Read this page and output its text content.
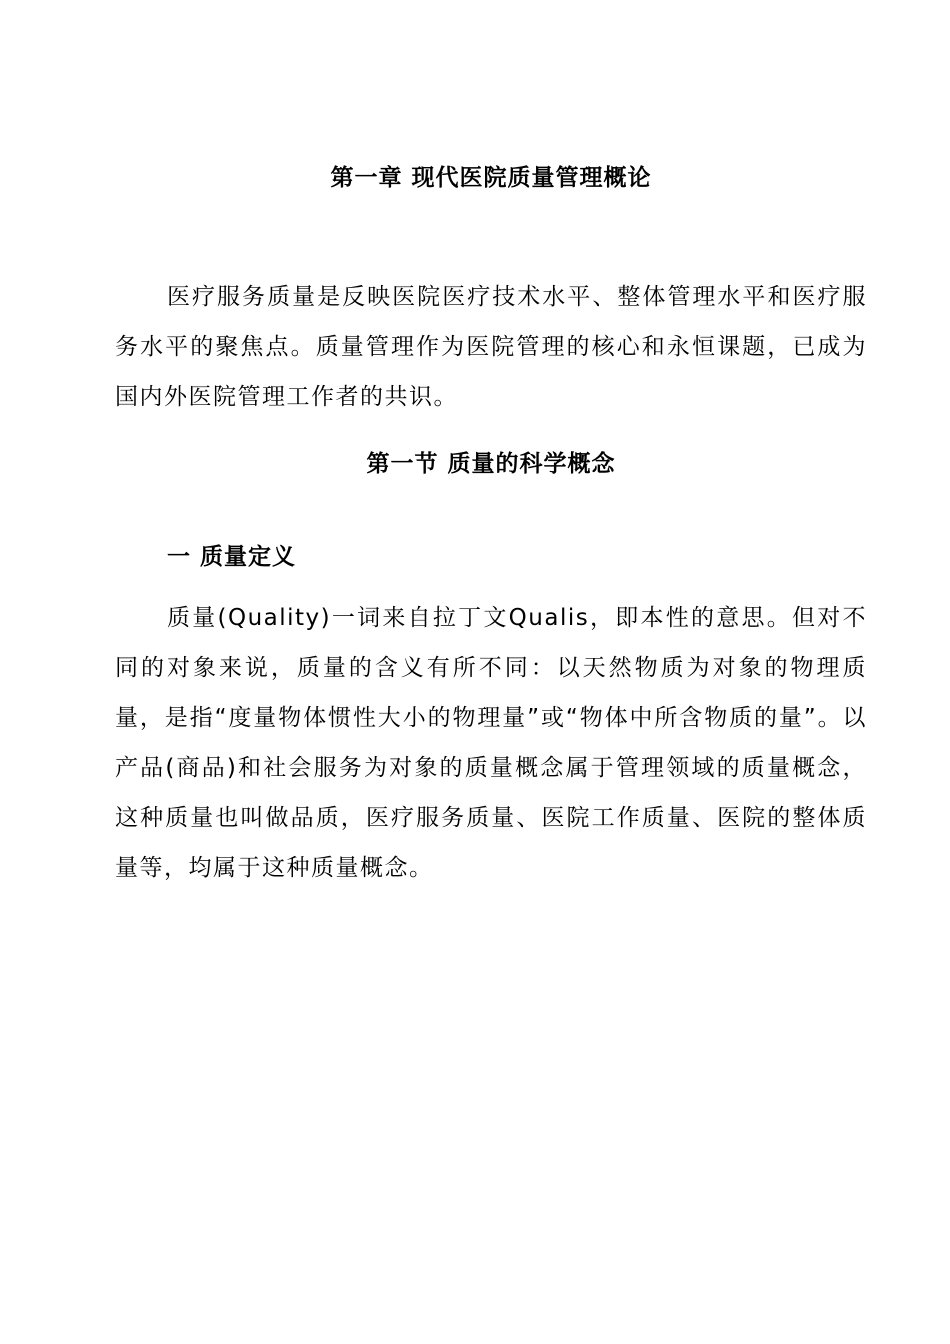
第一章 现代医院质量管理概论

医疗服务质量是反映医院医疗技术水平、整体管理水平和医疗服务水平的聚焦点。质量管理作为医院管理的核心和永恒课题，已成为国内外医院管理工作者的共识。

第一节 质量的科学概念
一 质量定义

质量(Quality)一词来自拉丁文Qualis，即本性的意思。但对不同的对象来说，质量的含义有所不同：以天然物质为对象的物理质量，是指“度量物体惯性大小的物理量”或“物体中所含物质的量”。以产品(商品)和社会服务为对象的质量概念属于管理领域的质量概念，这种质量也叫做品质，医疗服务质量、医院工作质量、医院的整体质量等，均属于这种质量概念。
